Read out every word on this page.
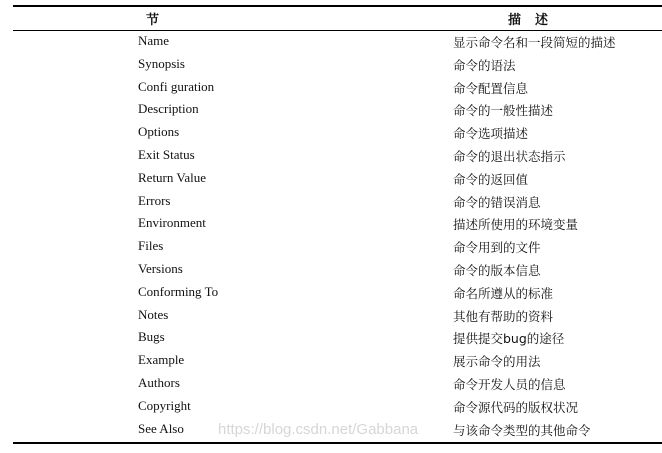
节	描述
Name	显示命令名和一段简短的描述
Synopsis	命令的语法
Confi guration	命令配置信息
Description	命令的一般性描述
Options	命令选项描述
Exit Status	命令的退出状态指示
Return Value	命令的返回值
Errors	命令的错误消息
Environment	描述所使用的环境变量
Files	命令用到的文件
Versions	命令的版本信息
Conforming To	命名所遵从的标准
Notes	其他有帮助的资料
Bugs	提供提交bug的途径
Example	展示命令的用法
Authors	命令开发人员的信息
Copyright	命令源代码的版权状况
See Also	与该命令类型的其他命令
https://blog.csdn.net/Gabbana
